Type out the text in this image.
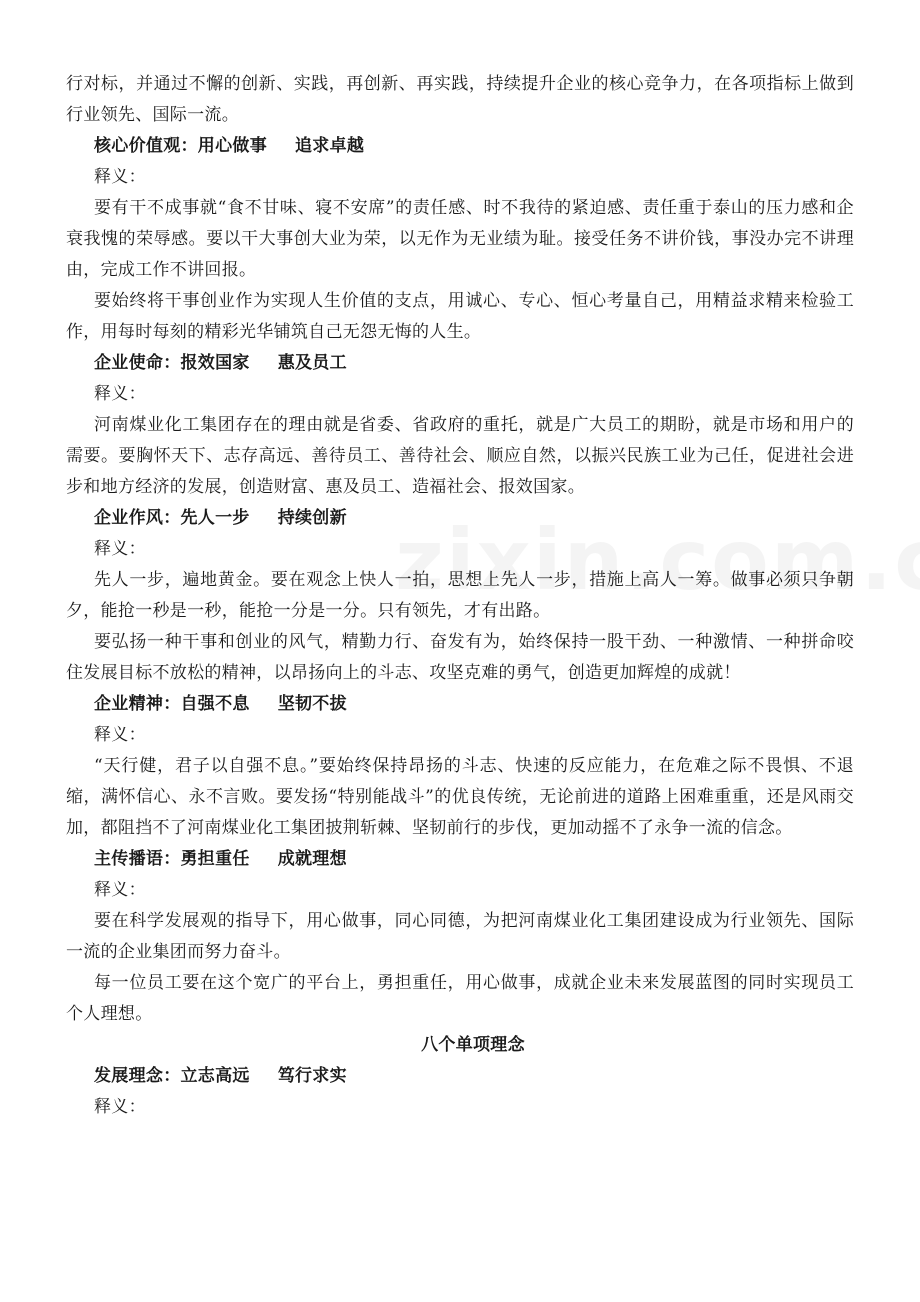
行对标，并通过不懈的创新、实践，再创新、再实践，持续提升企业的核心竞争力，在各项指标上做到行业领先、国际一流。

核心价值观：用心做事 追求卓越
释义：

要有干不成事就“食不甘味、寝不安席”的责任感、时不我待的紧迫感、责任重于泰山的压力感和企衰我愧的荣辱感。要以干大事创大业为荣，以无作为无业绩为耻。接受任务不讲价钱，事没办完不讲理由，完成工作不讲回报。

要始终将干事创业作为实现人生价值的支点，用诚心、专心、恒心考量自己，用精益求精来检验工作，用每时每刻的精彩光华铺筑自己无怨无悔的人生。

企业使命：报效国家 惠及员工
释义：

河南煤业化工集团存在的理由就是省委、省政府的重托，就是广大员工的期盼，就是市场和用户的需要。要胸怀天下、志存高远、善待员工、善待社会、顺应自然，以振兴民族工业为己任，促进社会进步和地方经济的发展，创造财富、惠及员工、造福社会、报效国家。

企业作风：先人一步 持续创新
释义：

先人一步，遍地黄金。要在观念上快人一拍，思想上先人一步，措施上高人一筹。做事必须只争朝夕，能抢一秒是一秒，能抢一分是一分。只有领先，才有出路。

要弘扬一种干事和创业的风气，精勤力行、奋发有为，始终保持一股干劲、一种激情、一种拼命咬住发展目标不放松的精神，以昂扬向上的斗志、攻坚克难的勇气，创造更加辉煌的成就！

企业精神：自强不息 坚韧不拔
释义：

“天行健，君子以自强不息。”要始终保持昂扬的斗志、快速的反应能力，在危难之际不畏惧、不退缩，满怀信心、永不言败。要发扬“特别能战斗”的优良传统，无论前进的道路上困难重重，还是风雨交加，都阻挡不了河南煤业化工集团披荆斩棘、坚韧前行的步伐，更加动摇不了永争一流的信念。

主传播语：勇担重任 成就理想
释义：

要在科学发展观的指导下，用心做事，同心同德，为把河南煤业化工集团建设成为行业领先、国际一流的企业集团而努力奋斗。

每一位员工要在这个宽广的平台上，勇担重任，用心做事，成就企业未来发展蓝图的同时实现员工个人理想。

八个单项理念
发展理念：立志高远 笃行求实
释义：
